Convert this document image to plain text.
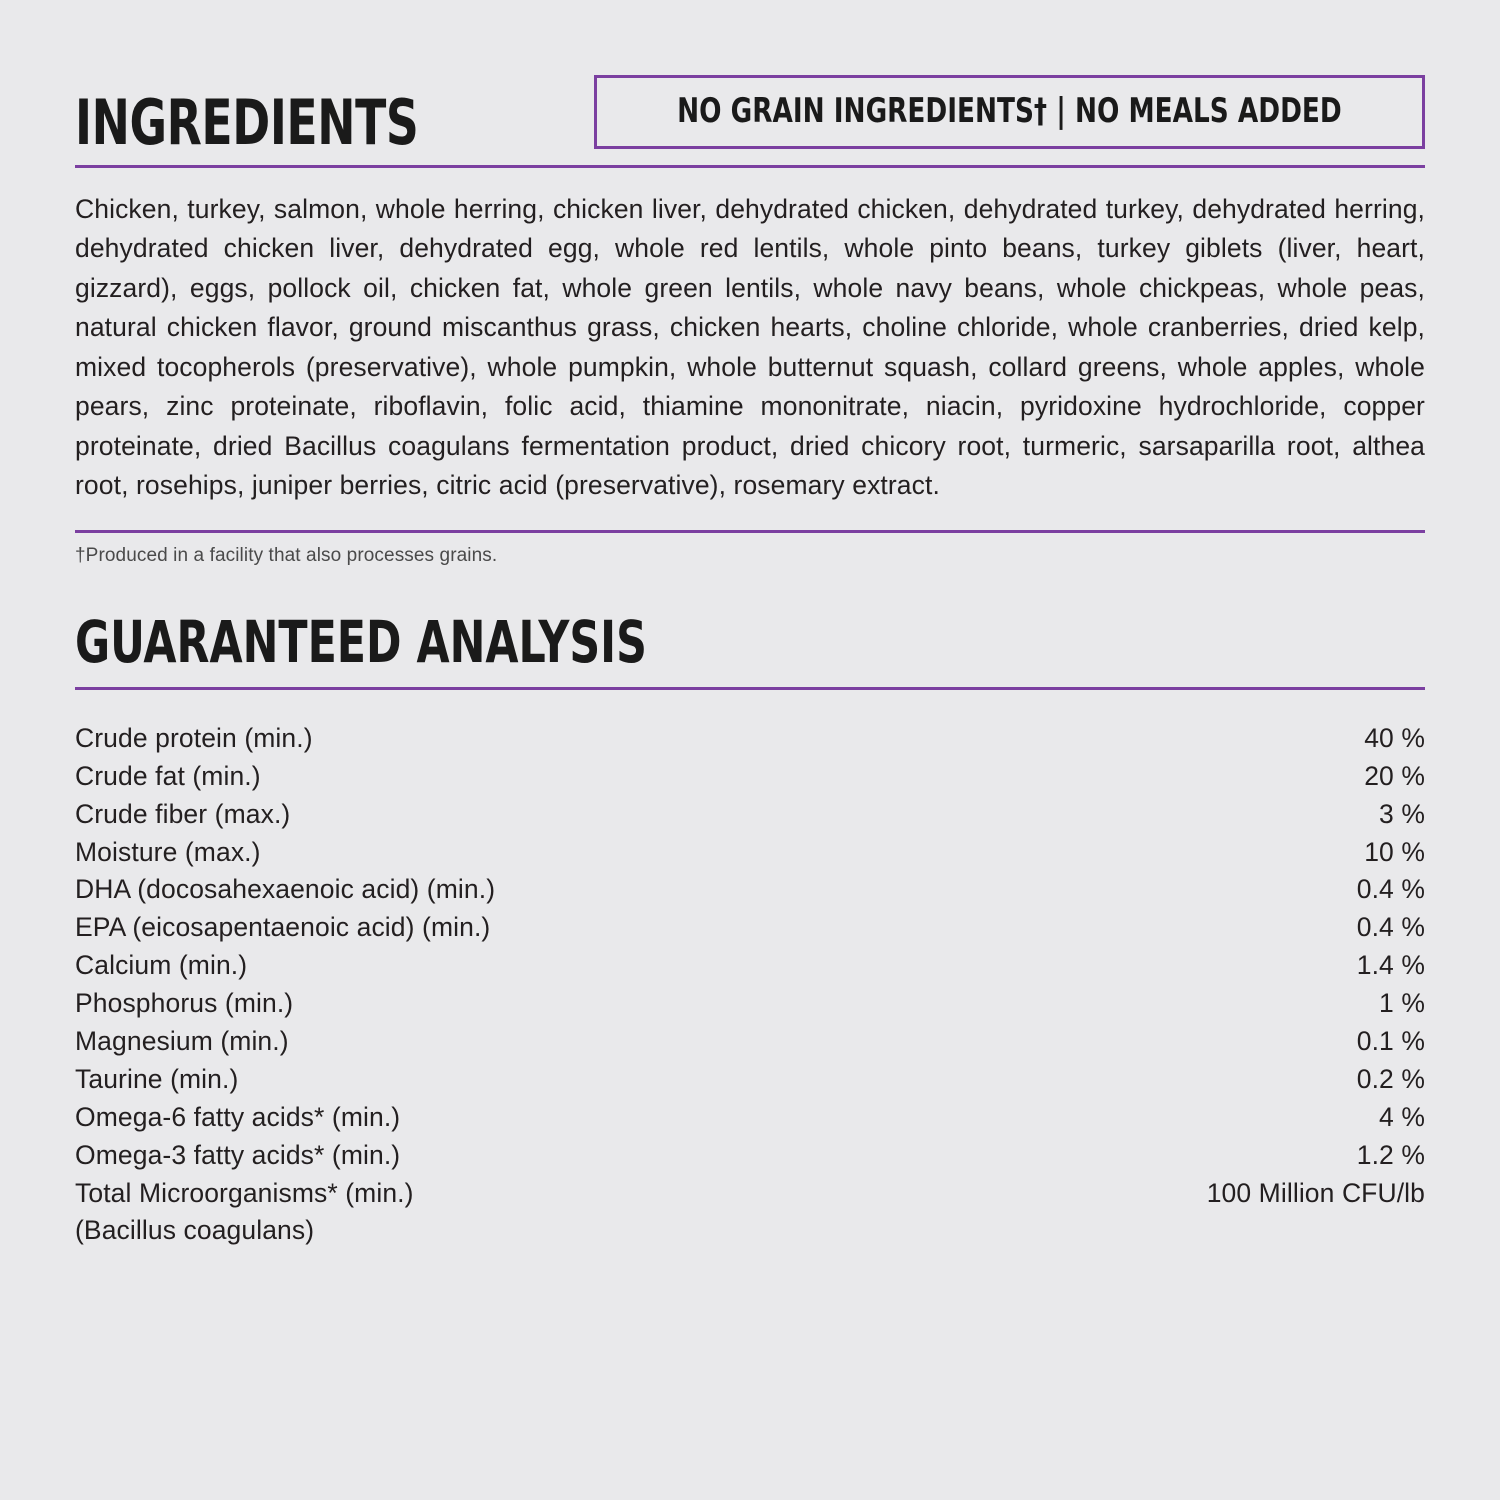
INGREDIENTS	NO GRAIN INGREDIENTS† | NO MEALS ADDED
Chicken, turkey, salmon, whole herring, chicken liver, dehydrated chicken, dehydrated turkey, dehydrated herring, dehydrated chicken liver, dehydrated egg, whole red lentils, whole pinto beans, turkey giblets (liver, heart, gizzard), eggs, pollock oil, chicken fat, whole green lentils, whole navy beans, whole chickpeas, whole peas, natural chicken flavor, ground miscanthus grass, chicken hearts, choline chloride, whole cranberries, dried kelp, mixed tocopherols (preservative), whole pumpkin, whole butternut squash, collard greens, whole apples, whole pears, zinc proteinate, riboflavin, folic acid, thiamine mononitrate, niacin, pyridoxine hydrochloride, copper proteinate, dried Bacillus coagulans fermentation product, dried chicory root, turmeric, sarsaparilla root, althea root, rosehips, juniper berries, citric acid (preservative), rosemary extract.
†Produced in a facility that also processes grains.
GUARANTEED ANALYSIS
Crude protein (min.)	40 %
Crude fat (min.)	20 %
Crude fiber (max.)	3 %
Moisture (max.)	10 %
DHA (docosahexaenoic acid) (min.)	0.4 %
EPA (eicosapentaenoic acid) (min.)	0.4 %
Calcium (min.)	1.4 %
Phosphorus (min.)	1 %
Magnesium (min.)	0.1 %
Taurine (min.)	0.2 %
Omega-6 fatty acids* (min.)	4 %
Omega-3 fatty acids* (min.)	1.2 %
Total Microorganisms* (min.)	100 Million CFU/lb
(Bacillus coagulans)	
